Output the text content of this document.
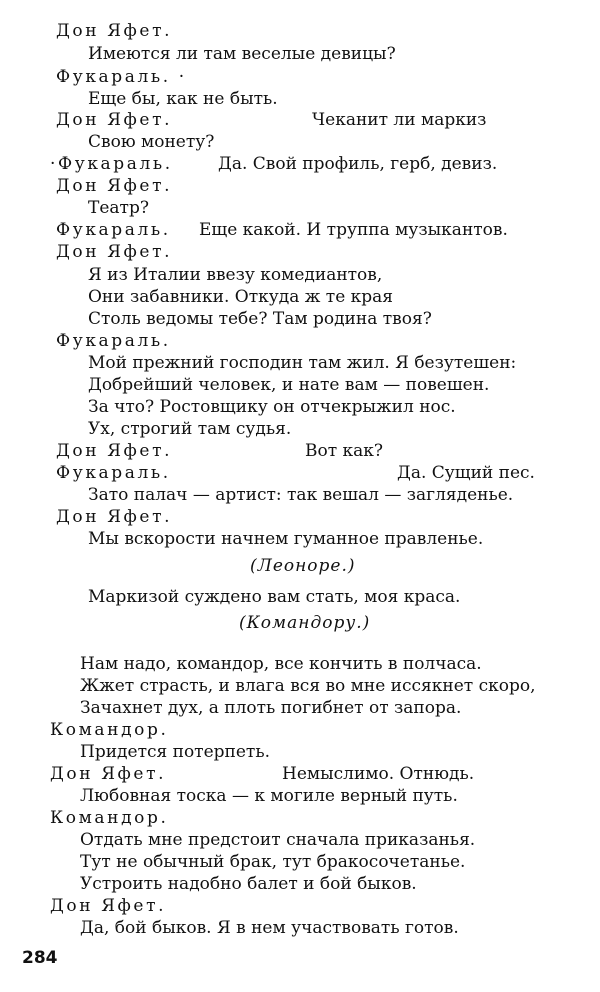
Дон Яфет.
Имеются ли там веселые девицы?
Фукараль. ·
Еще бы, как не быть.
Дон Яфет.	Чеканит ли маркиз
Свою монету?
·Фукараль.	Да. Свой профиль, герб, девиз.
Дон Яфет.
Театр?
Фукараль. Еще какой. И труппа музыкантов.
Дон Яфет.
Я из Италии ввезу комедиантов,
Они забавники. Откуда ж те края
Столь ведомы тебе? Там родина твоя?
Фукараль.
Мой прежний господин там жил. Я безутешен:
Добрейший человек, и нате вам — повешен.
За что? Ростовщику он отчекрыжил нос.
Ух, строгий там судья.
Дон Яфет.	Вот как?
Фукараль.	Да. Сущий пес.
Зато палач — артист: так вешал — загляденье.
Дон Яфет.
Мы вскорости начнем гуманное правленье.
(Леоноре.)
Маркизой суждено вам стать, моя краса.
(Командору.)
Нам надо, командор, все кончить в полчаса.
Жжет страсть, и влага вся во мне иссякнет скоро,
Зачахнет дух, а плоть погибнет от запора.
Командор.
Придется потерпеть.
Дон Яфет.	Немыслимо. Отнюдь.
Любовная тоска — к могиле верный путь.
Командор.
Отдать мне предстоит сначала приказанья.
Тут не обычный брак, тут бракосочетанье.
Устроить надобно балет и бой быков.
Дон Яфет.
Да, бой быков. Я в нем участвовать готов.
284
